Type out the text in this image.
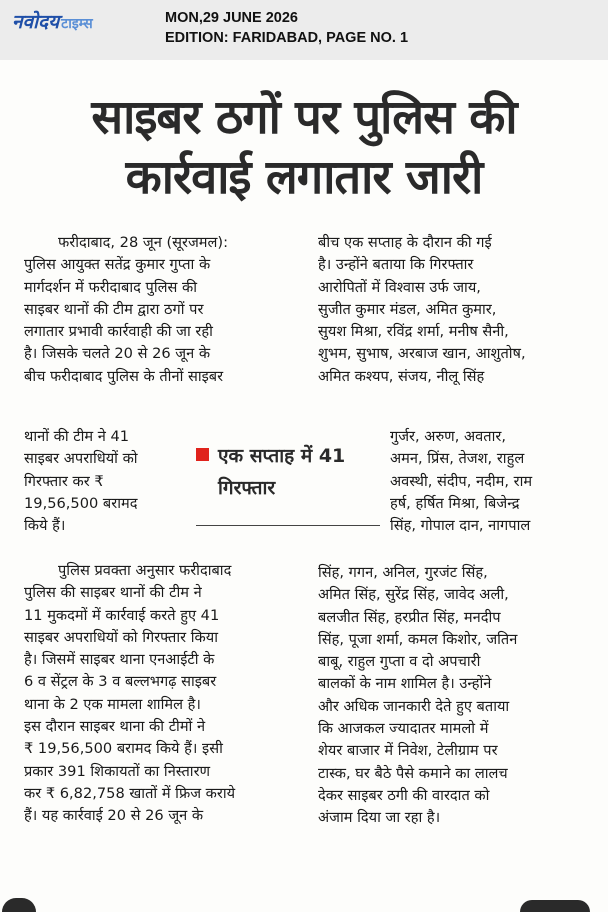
नवोदय टाइम्स	MON,29 JUNE 2026
EDITION: FARIDABAD, PAGE NO. 1
साइबर ठगों पर पुलिस की
कार्रवाई लगातार जारी
फरीदाबाद, 28 जून (सूरजमल):
पुलिस आयुक्त सतेंद्र कुमार गुप्ता के
मार्गदर्शन में फरीदाबाद पुलिस की
साइबर थानों की टीम द्वारा ठगों पर
लगातार प्रभावी कार्रवाही की जा रही
है। जिसके चलते 20 से 26 जून के
बीच फरीदाबाद पुलिस के तीनों साइबर
थानों की टीम ने 41
साइबर अपराधियों को
गिरफ्तार कर ₹
19,56,500 बरामद
किये हैं।
पुलिस प्रवक्ता अनुसार फरीदाबाद
पुलिस की साइबर थानों की टीम ने
11 मुकदमों में कार्रवाई करते हुए 41
साइबर अपराधियों को गिरफ्तार किया
है। जिसमें साइबर थाना एनआईटी के
6 व सेंट्रल के 3 व बल्लभगढ़ साइबर
थाना के 2 एक मामला शामिल है।
इस दौरान साइबर थाना की टीमों ने
₹ 19,56,500 बरामद किये हैं। इसी
प्रकार 391 शिकायतों का निस्तारण
कर ₹ 6,82,758 खातों में फ्रिज कराये
हैं। यह कार्रवाई 20 से 26 जून के
बीच एक सप्ताह के दौरान की गई
है। उन्होंने बताया कि गिरफ्तार
आरोपितों में विश्वास उर्फ जाय,
सुजीत कुमार मंडल, अमित कुमार,
सुयश मिश्रा, रविंद्र शर्मा, मनीष सैनी,
शुभम, सुभाष, अरबाज खान, आशुतोष,
अमित कश्यप, संजय, नीलू सिंह
गुर्जर, अरुण, अवतार,
अमन, प्रिंस, तेजश, राहुल
अवस्थी, संदीप, नदीम, राम
हर्ष, हर्षित मिश्रा, बिजेन्द्र
सिंह, गोपाल दान, नागपाल
सिंह, गगन, अनिल, गुरजंट सिंह,
अमित सिंह, सुरेंद्र सिंह, जावेद अली,
बलजीत सिंह, हरप्रीत सिंह, मनदीप
सिंह, पूजा शर्मा, कमल किशोर, जतिन
बाबू, राहुल गुप्ता व दो अपचारी
बालकों के नाम शामिल है। उन्होंने
और अधिक जानकारी देते हुए बताया
कि आजकल ज्यादातर मामलो में
शेयर बाजार में निवेश, टेलीग्राम पर
टास्क, घर बैठे पैसे कमाने का लालच
देकर साइबर ठगी की वारदात को
अंजाम दिया जा रहा है।
एक सप्ताह में 41
गिरफ्तार
